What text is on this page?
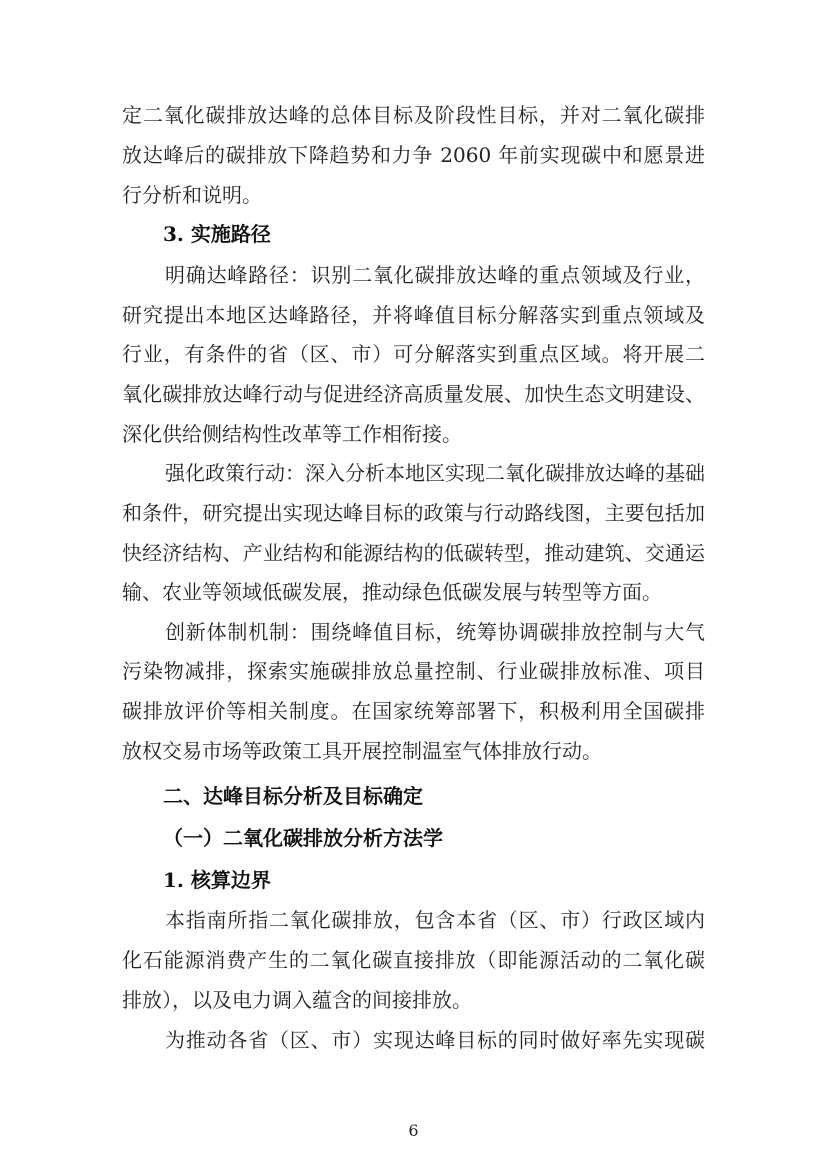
定二氧化碳排放达峰的总体目标及阶段性目标，并对二氧化碳排
放达峰后的碳排放下降趋势和力争 2060 年前实现碳中和愿景进
行分析和说明。
3. 实施路径
明确达峰路径：识别二氧化碳排放达峰的重点领域及行业，
研究提出本地区达峰路径，并将峰值目标分解落实到重点领域及
行业，有条件的省（区、市）可分解落实到重点区域。将开展二
氧化碳排放达峰行动与促进经济高质量发展、加快生态文明建设、
深化供给侧结构性改革等工作相衔接。
强化政策行动：深入分析本地区实现二氧化碳排放达峰的基础
和条件，研究提出实现达峰目标的政策与行动路线图，主要包括加
快经济结构、产业结构和能源结构的低碳转型，推动建筑、交通运
输、农业等领域低碳发展，推动绿色低碳发展与转型等方面。
创新体制机制：围绕峰值目标，统筹协调碳排放控制与大气
污染物减排，探索实施碳排放总量控制、行业碳排放标准、项目
碳排放评价等相关制度。在国家统筹部署下，积极利用全国碳排
放权交易市场等政策工具开展控制温室气体排放行动。
二、达峰目标分析及目标确定
（一）二氧化碳排放分析方法学
1. 核算边界
本指南所指二氧化碳排放，包含本省（区、市）行政区域内
化石能源消费产生的二氧化碳直接排放（即能源活动的二氧化碳
排放），以及电力调入蕴含的间接排放。
为推动各省（区、市）实现达峰目标的同时做好率先实现碳
6
